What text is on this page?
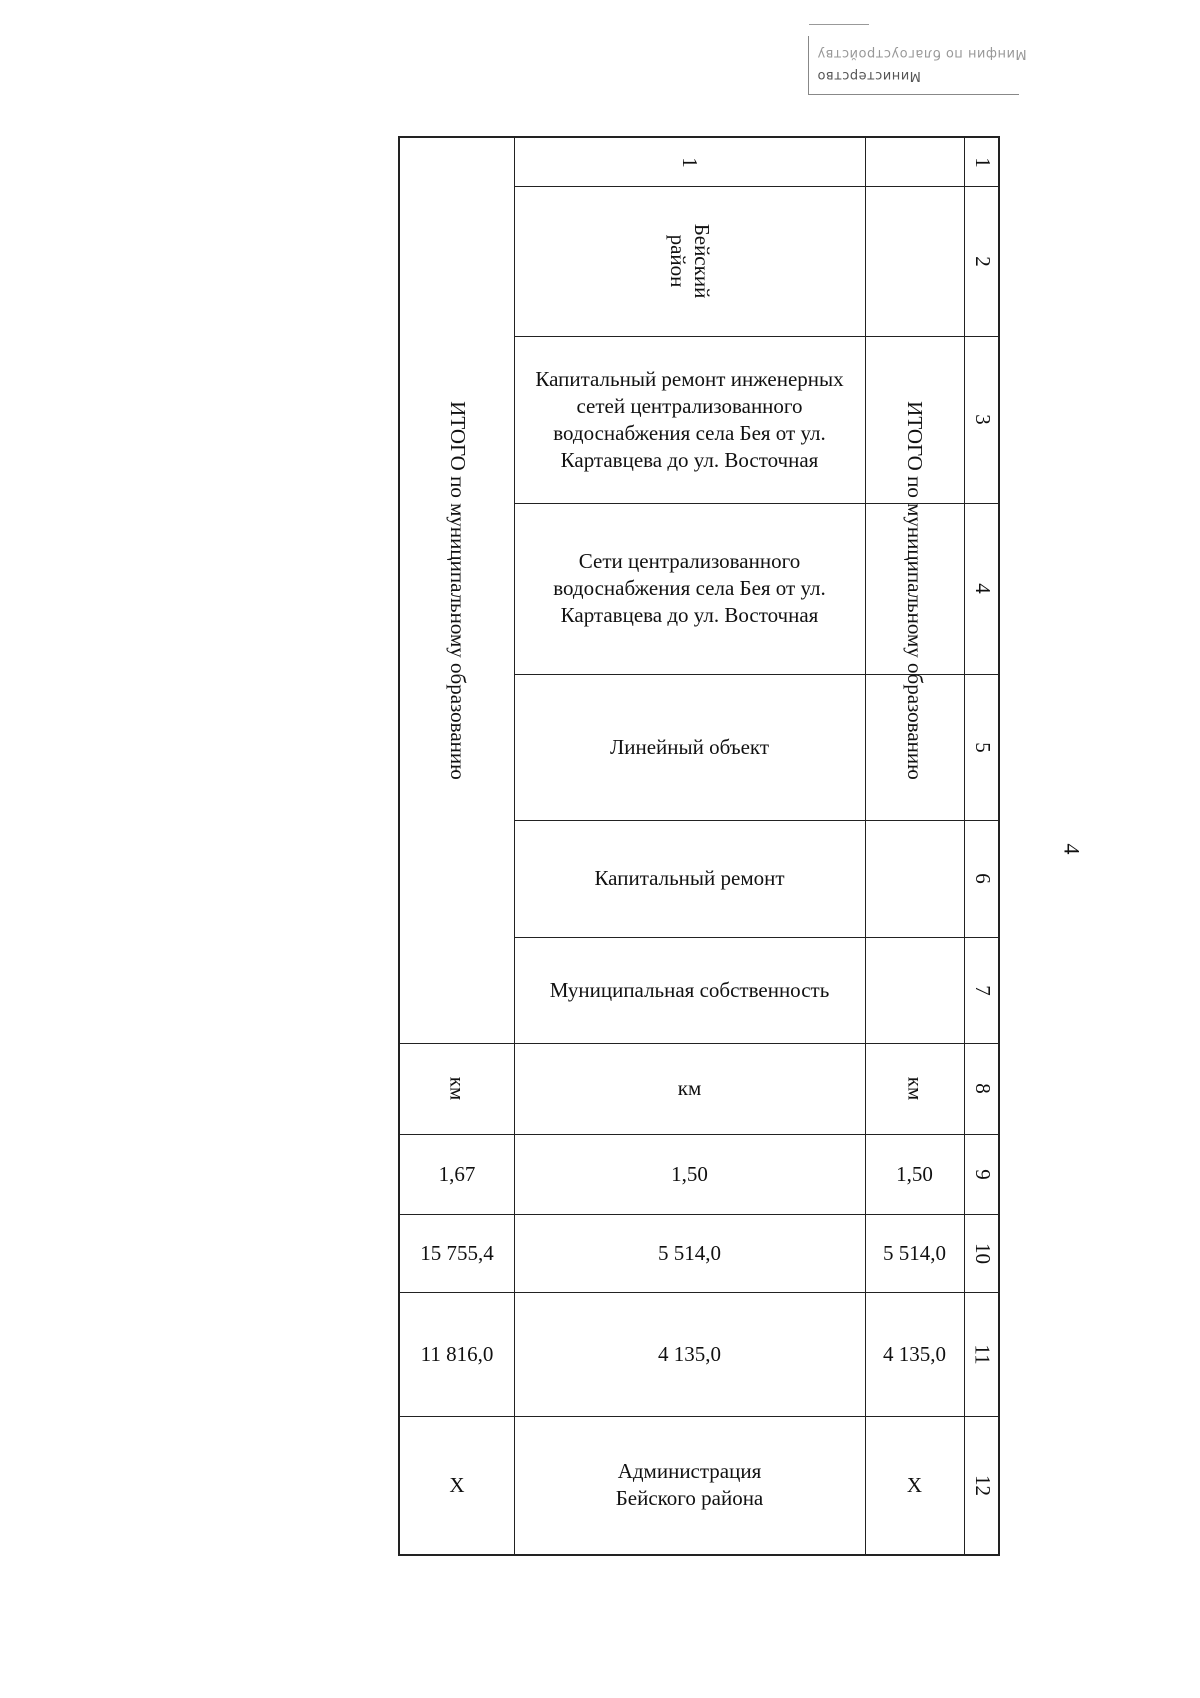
Министерство
Минфин по благоустройству
4
ИТОГО по муниципальному образованию
км
1,67
15 755,4
11 816,0
X
1
Бейский район
Капитальный ремонт инженерных сетей централизованного водоснабжения села Бея от ул. Картавцева до ул. Восточная
Сети централизованного водоснабжения села Бея от ул. Картавцева до ул. Восточная
Линейный объект
Капитальный ремонт
Муниципальная собственность
км
1,50
5 514,0
4 135,0
Администрация Бейского района
ИТОГО по муниципальному образованию
км
1,50
5 514,0
4 135,0
X
1
2
3
4
5
6
7
8
9
10
11
12
